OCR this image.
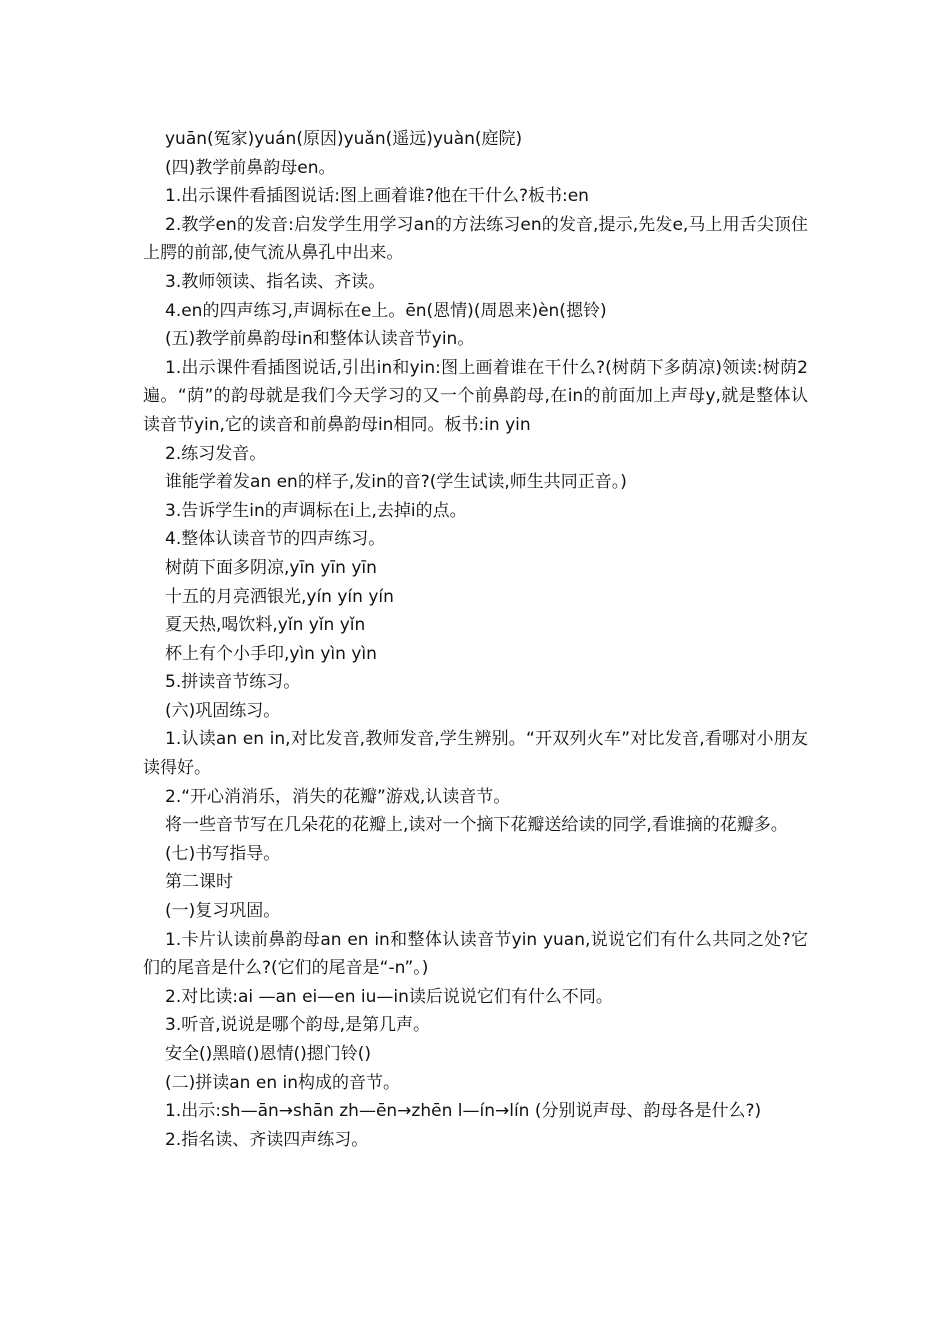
yuān(冤家)yuán(原因)yuǎn(遥远)yuàn(庭院)

(四)教学前鼻韵母en。

1.出示课件看插图说话:图上画着谁?他在干什么?板书:en

2.教学en的发音:启发学生用学习an的方法练习en的发音,提示,先发e,马上用舌尖顶住上腭的前部,使气流从鼻孔中出来。

3.教师领读、指名读、齐读。

4.en的四声练习,声调标在e上。ēn(恩情)(周恩来)èn(摁铃)

(五)教学前鼻韵母in和整体认读音节yin。

1.出示课件看插图说话,引出in和yin:图上画着谁在干什么?(树荫下多荫凉)领读:树荫2遍。“荫”的韵母就是我们今天学习的又一个前鼻韵母,在in的前面加上声母y,就是整体认读音节yin,它的读音和前鼻韵母in相同。板书:in yin

2.练习发音。

谁能学着发an en的样子,发in的音?(学生试读,师生共同正音。)

3.告诉学生in的声调标在i上,去掉i的点。

4.整体认读音节的四声练习。

树荫下面多阴凉,yīn yīn yīn

十五的月亮洒银光,yín yín yín

夏天热,喝饮料,yǐn yǐn yǐn

杯上有个小手印,yìn yìn yìn

5.拼读音节练习。

(六)巩固练习。

1.认读an en in,对比发音,教师发音,学生辨别。“开双列火车”对比发音,看哪对小朋友读得好。

2.“开心消消乐，消失的花瓣”游戏,认读音节。

将一些音节写在几朵花的花瓣上,读对一个摘下花瓣送给读的同学,看谁摘的花瓣多。

(七)书写指导。

第二课时

(一)复习巩固。

1.卡片认读前鼻韵母an en in和整体认读音节yin yuan,说说它们有什么共同之处?它们的尾音是什么?(它们的尾音是“-n”。)

2.对比读:ai —an ei—en iu—in读后说说它们有什么不同。

3.听音,说说是哪个韵母,是第几声。

安全()黑暗()恩情()摁门铃()

(二)拼读an en in构成的音节。

1.出示:sh—ān→shān zh—ēn→zhēn l—ín→lín (分别说声母、韵母各是什么?)

2.指名读、齐读四声练习。
